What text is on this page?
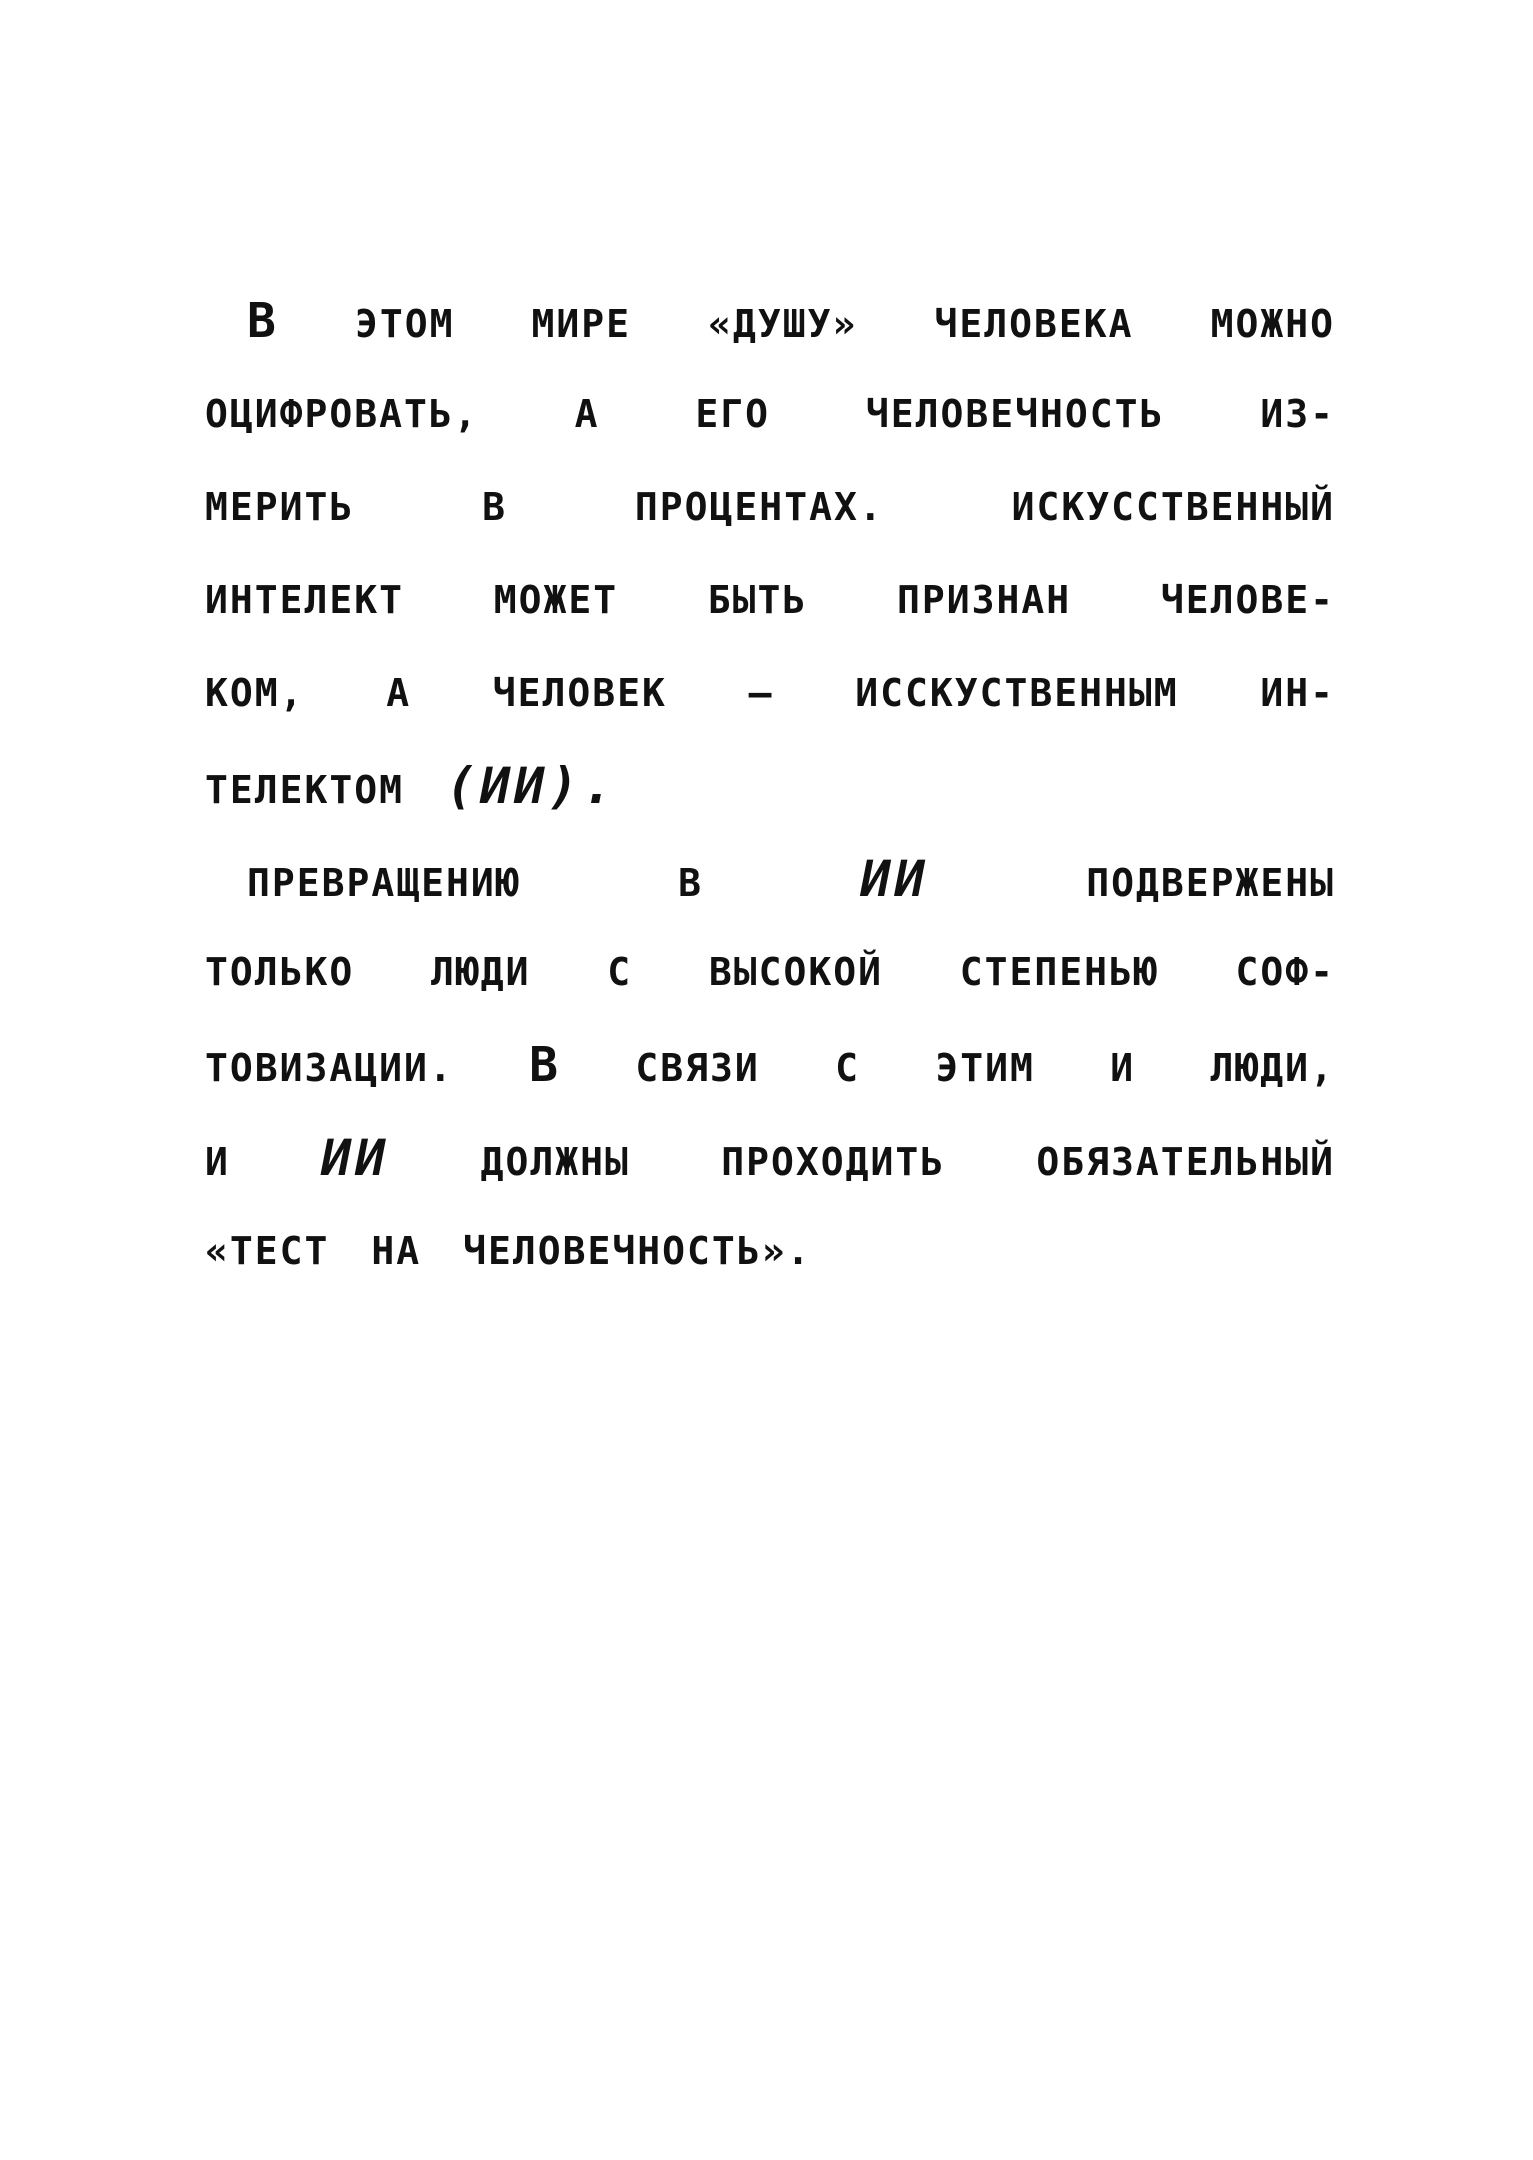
В ЭТОМ МИРЕ «ДУШУ» ЧЕЛОВЕКА МОЖНО
ОЦИФРОВАТЬ,	А	ЕГО	ЧЕЛОВЕЧНОСТЬ	ИЗ-
МЕРИТЬ	В	ПРОЦЕНТАХ.	ИСКУССТВЕННЫЙ
ИНТЕЛЕКТ МОЖЕТ БЫТЬ ПРИЗНАН ЧЕЛОВЕ-
КОМ, А ЧЕЛОВЕК – ИССКУСТВЕННЫМ ИН-
ТЕЛЕКТОМ (ИИ).
ПРЕВРАЩЕНИЮ	В	ИИ	ПОДВЕРЖЕНЫ
ТОЛЬКО ЛЮДИ С ВЫСОКОЙ СТЕПЕНЬЮ СОФ-
ТОВИЗАЦИИ. В СВЯЗИ С ЭТИМ И ЛЮДИ,
И ИИ ДОЛЖНЫ ПРОХОДИТЬ ОБЯЗАТЕЛЬНЫЙ
«ТЕСТ НА ЧЕЛОВЕЧНОСТЬ».
